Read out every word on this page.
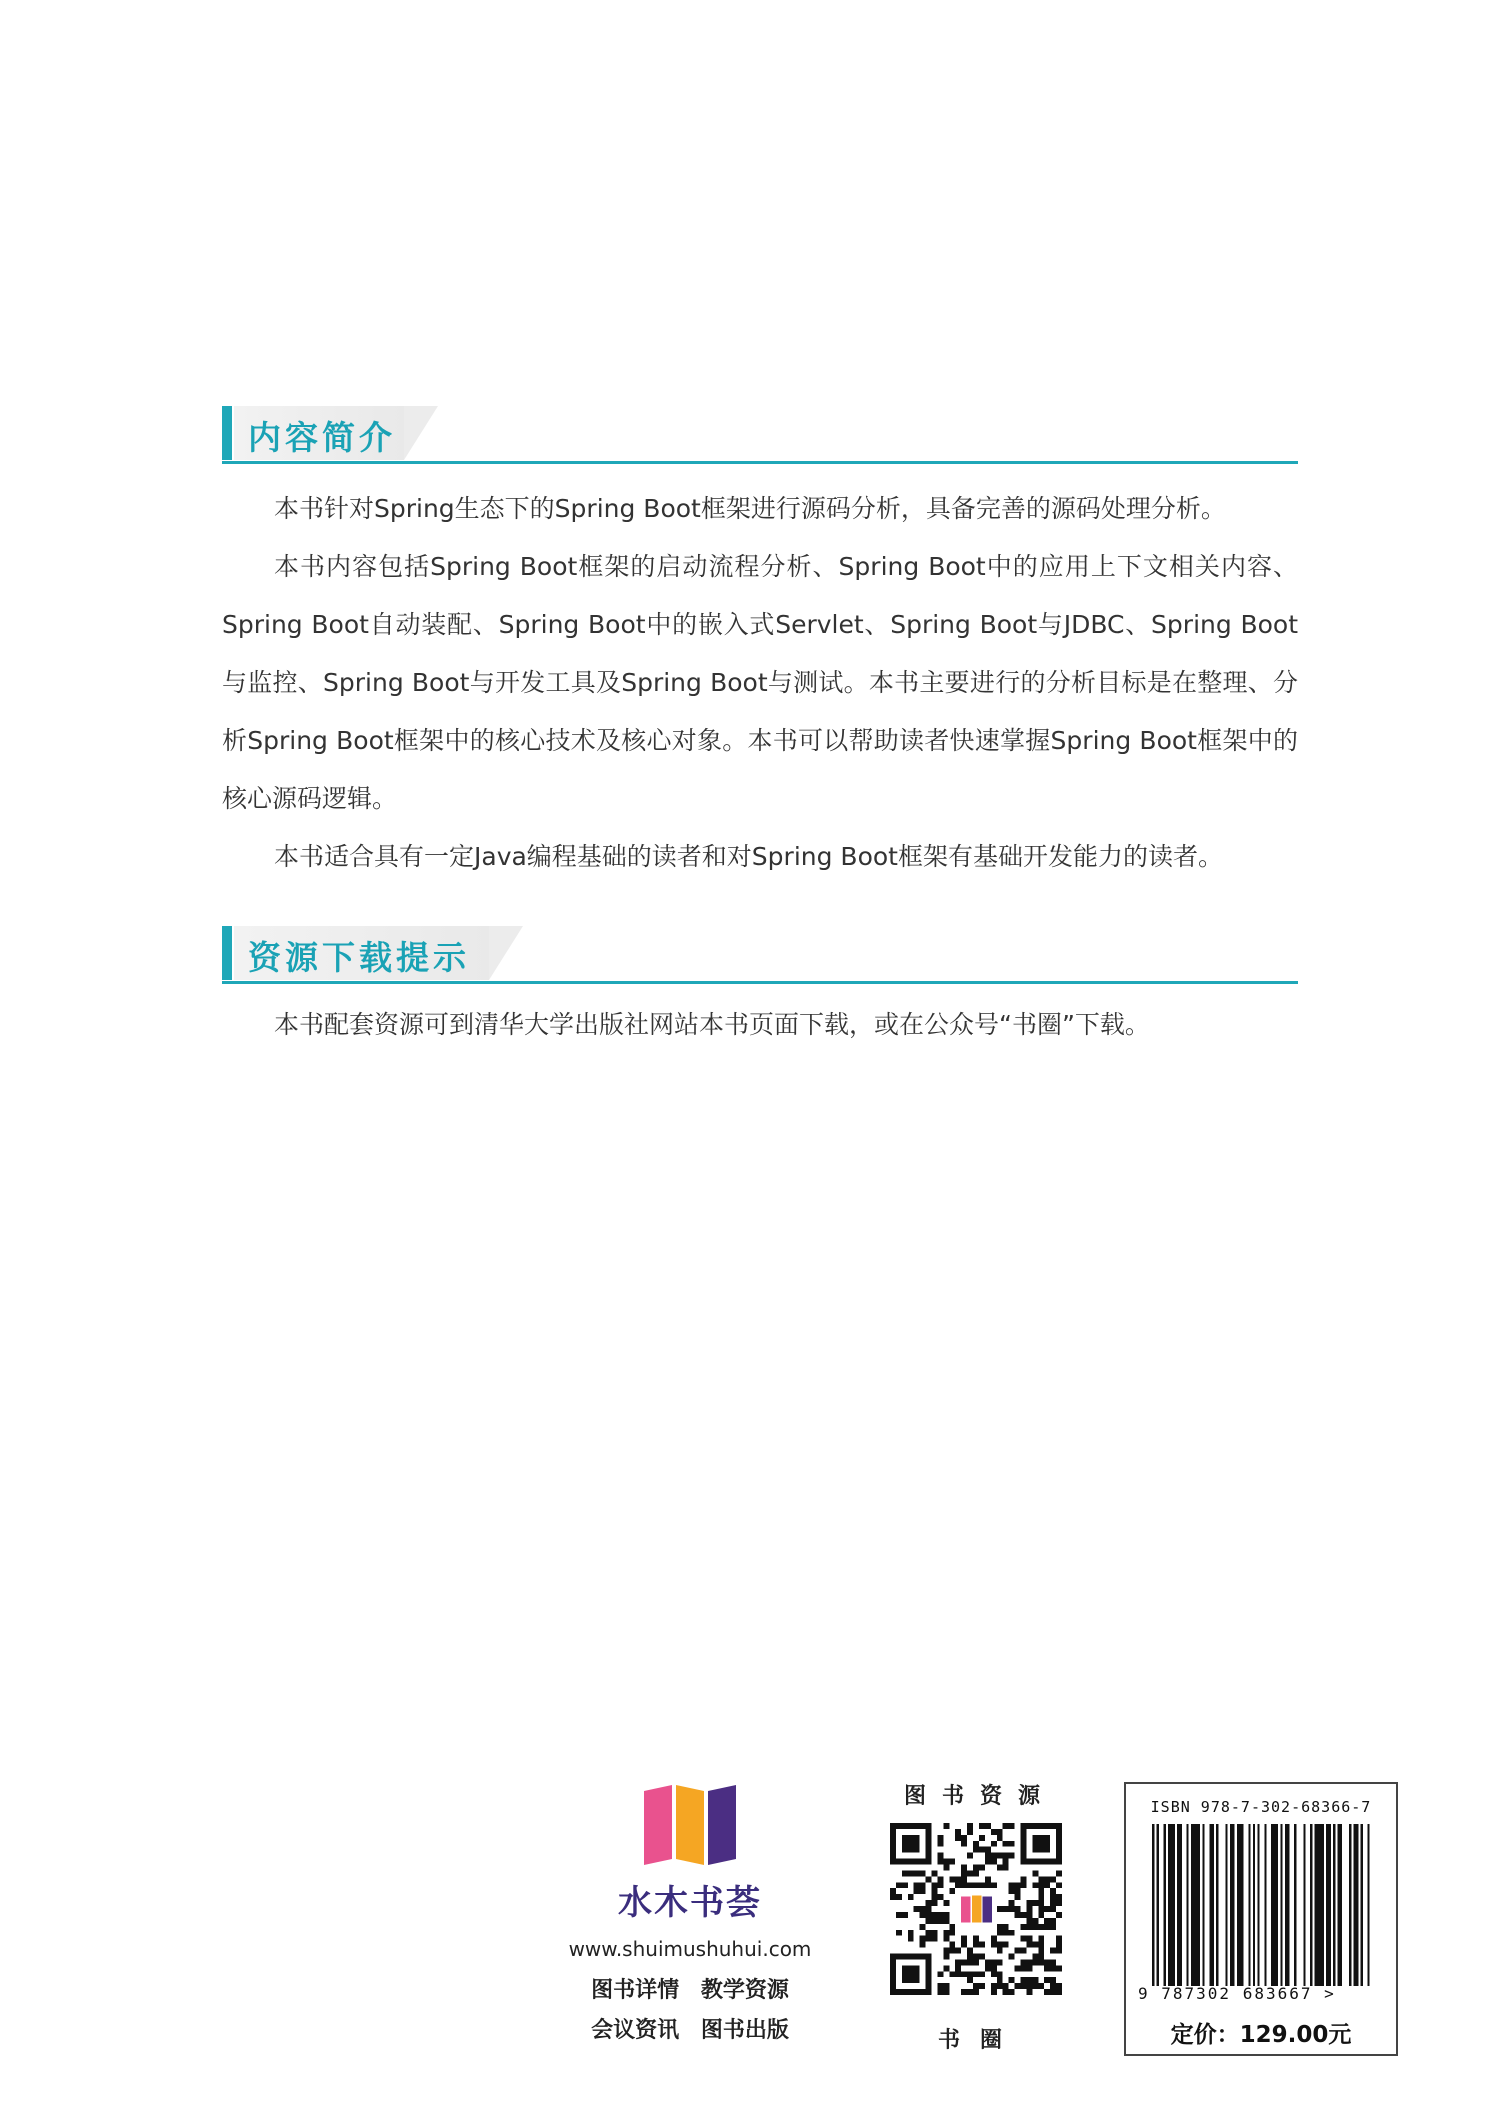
内容简介

本书针对Spring生态下的Spring Boot框架进行源码分析，具备完善的源码处理分析。

本书内容包括Spring Boot框架的启动流程分析、Spring Boot中的应用上下文相关内容、Spring Boot自动装配、Spring Boot中的嵌入式Servlet、Spring Boot与JDBC、Spring Boot与监控、Spring Boot与开发工具及Spring Boot与测试。本书主要进行的分析目标是在整理、分析Spring Boot框架中的核心技术及核心对象。本书可以帮助读者快速掌握Spring Boot框架中的核心源码逻辑。

本书适合具有一定Java编程基础的读者和对Spring Boot框架有基础开发能力的读者。

资源下载提示

本书配套资源可到清华大学出版社网站本书页面下载，或在公众号“书圈”下载。

水木书荟
www.shuimushuhui.com
图书详情 教学资源
会议资讯 图书出版
图书资源
书圈
ISBN 978-7-302-68366-7
9 787302 683667 >
定价：129.00元
